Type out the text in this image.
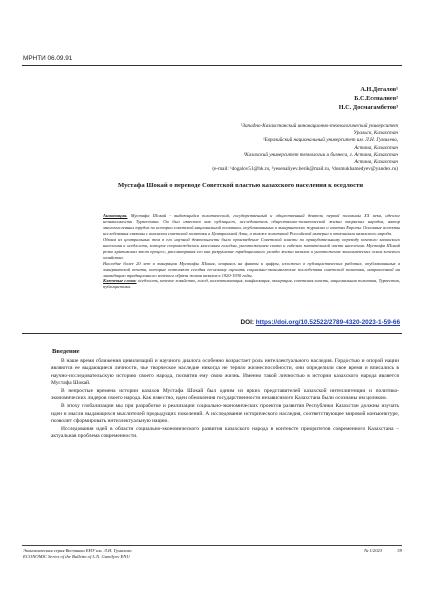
МРНТИ 06.09.91
А.Н.Дегалов¹
Б.С.Есенaлиев²
Н.С. Досмагамбетов³
¹Западно-Казахстанский инновационно-технологический университет
Уральск, Казахстан
²Евразийский национальный университет им. Л.Н. Гумилева,
Астана, Казахстан
³Казахский университет технологии и бизнеса, г. Астана, Казахстан
Астана, Казахстан
(e-mail: ¹dogalov51@bk.ru, ²yesenaliyev.berik@mail.ru, ³dosmukhamedyev@yandex.ru)
Мустафа Шокай о переводе Советской властью казахского населения к оседлости

Аннотация. Мустафа Шокай - выдающийся политический, государственный и общественный деятель первой половины ХХ века, идеолог независимости Туркестана. Он был известен как публицист, исследователь общественно-политической жизни тюркских народов, автор многочисленных трудов по истории советской национальной политики, опубликованных в эмигрантских журналах и газетах Европы. Основные аспекты исследования связаны с анализом советской политики в Центральной Азии, а также политикой Российской империи в отношении казахского народа.

Одним из центральных тем в его научной деятельности было произведение Советской власти по принудительному переводу кочевого казахского населения к оседлости, которое сопровождалось массовым голодом, уничтожением скота и гибелью значительной части населения. Мустафа Шокай резко критиковал этот процесс, рассматривая его как разрушение традиционного уклада жизни казахов и уничтожение экономических основ кочевого хозяйства.

Наследие более 20 лет в эмиграции Мустафы Шокая, опираясь на факты и цифры, изложено в публицистических работах, опубликованных в эмигрантской печати, которые позволяют сегодня по-новому оценить социально-экономические последствия советской политики, направленной на ликвидацию традиционного кочевого образа жизни казахов в 1920-1930 годы.

Ключевые слова: оседлость, кочевое хозяйство, голод, коллективизация, конфискация, эмиграция, советская власть, национальная политика, Туркестан, публицистика.

DOI: https://doi.org/10.52522/2789-4320-2023-1-59-66
Введение

В наше время сближения цивилизаций и научного диалога особенно возрастает роль интеллектуального наследия. Гордостью и опорой нации являются ее выдающиеся личности, чье творческое наследие никогда не теряло жизнеспособности, они определили свое время и вписались в научно-исследовательскую историю своего народа, посвятив ему свою жизнь. Именно такой личностью в истории казахского народа является Мустафа Шокай.

В непростые времена истории казахов Мустафа Шокай был одним из ярких представителей казахской интеллигенции и политико-экономических лидеров своего народа. Как известно, идеи обновления государственности независимого Казахстана были осознаны им целиком.

В эпоху глобализации мы при разработке и реализации социально-экономических проектов развития Республики Казахстан должны изучать идеи и мысли выдающихся мыслителей предыдущих поколений. А исследование исторического наследия, соответствующее мировой конъюнктуре, позволит сформировать интеллектуальную нацию.

Исследования идей в области социально-экономического развития казахского народа в контексте приоритетов современного Казахстана – актуальная проблема современности.

Экономическая серия Вестника ЕНУ им. Л.Н. Гумилева
ECONOMIC Series of the Bulletin of L.N. Gumilyov ENU
№ 1/2023	59
